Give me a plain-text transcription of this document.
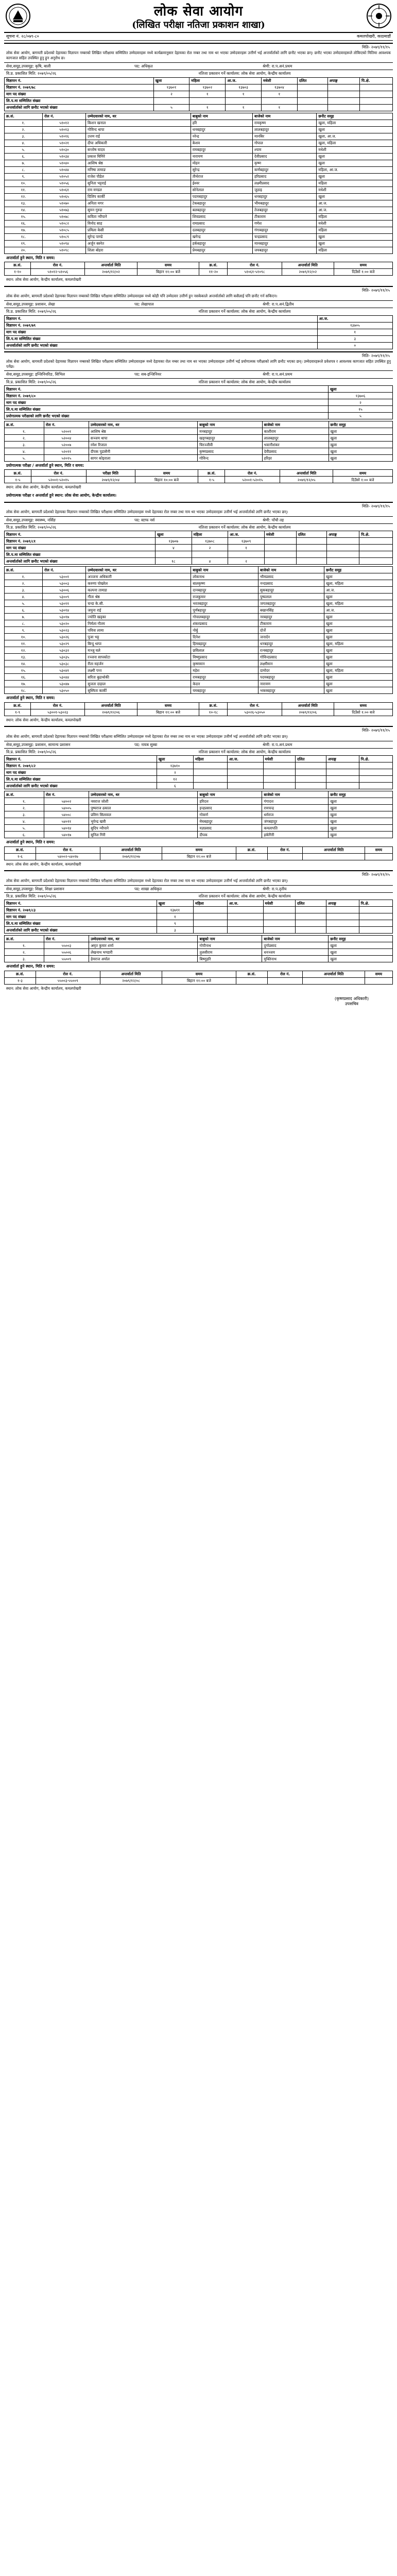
लोक सेवा आयोग
(लिखित परीक्षा नतिजा प्रकाशन शाखा)
सूचना नं. २८/०७९-८०	कमलपोखरी, काठमाडौं
मिति- २०७९/११/१५
लोक सेवा आयोग, बागमती प्रदेशको देहायका विज्ञापन नम्बरको लिखित परीक्षामा सम्मिलित उम्मेदवारहरू मध्ये कार्यक्रमानुसार देहायका रोल नम्बर तथा नाम थर भएका उम्मेदवारहरू उत्तीर्ण भई अन्तर्वार्ताको लागि छनौट भएका छन्। छनौट भएका उम्मेदवारहरूले तोकिएको मितिमा आवश्यक कागजात सहित उपस्थित हुनु हुन अनुरोध छ।
सेवा,समूह,उपसमूह: कृषि, बाली	पद: अधिकृत	श्रेणी: रा.प.अनं.प्रथम
वि.प्र. प्रकाशित मिति: २०७९/०५/२६	नतिजा प्रकाशन गर्ने कार्यालय: लोक सेवा आयोग, केन्द्रीय कार्यालय
विज्ञापन नं.	खुला	महिला	आ.ज.	मधेशी	दलित	अपाङ्ग	पि.क्षे.
विज्ञापन नं. २०७९/७८	१३७०१	१३७०२	१३७०३	१३७०४			
माग पद संख्या	२	१	१	१			
लि.प.मा सम्मिलित संख्या							
अन्तर्वार्ताको लागि छनौट भएको संख्या	५	१	१	१			
क्र.सं.	रोल नं.	उम्मेदवारको नाम, थर	बाबुको नाम	बाजेको नाम	छनौट समूह
१.	५१०१२	किशन खनाल	हरि	रामकृष्ण	खुला, महिला
२.	५१०१३	गोविन्द थापा	धनबहादुर	लालबहादुर	खुला
३.	५१०१६	उत्तम राई	नरेन्द्र	मानबिर	खुला, आ.ज.
४.	५१०२१	दीपा अधिकारी	केशव	गोपाल	खुला, महिला
५.	५१०३०	सन्तोष यादव	रामबहादुर	श्याम	मधेशी
६.	५१०३४	प्रकाश घिमिरे	नारायण	देवीप्रसाद	खुला
७.	५१०४०	आशिष श्रेष्ठ	मोहन	कृष्ण	खुला
८.	५१०४४	मनिषा तामाङ	सुरेन्द्र	कर्णबहादुर	महिला, आ.ज.
९.	५१०५२	राजेश पौडेल	तीर्थराज	हरिप्रसाद	खुला
१०.	५१०५६	सुनिता भट्टराई	ईश्वर	लक्ष्मीप्रसाद	महिला
११.	५१०६१	राम मण्डल	सोनेलाल	जुठाइ	मधेशी
१२.	५१०६५	दिलिप कार्की	पदमबहादुर	धनबहादुर	खुला
१३.	५१०७०	अनिता मगर	टेकबहादुर	भीमबहादुर	आ.ज.
१४.	५१०७३	सुमन गुरुङ	बलबहादुर	तेजबहादुर	आ.ज.
१५.	५१०७८	कविता न्यौपाने	शिवप्रसाद	टीकाराम	महिला
१६.	५१०८२	विनोद साह	रामप्रसाद	गणेश	मधेशी
१७.	५१०८५	प्रमिला केसी	दलबहादुर	गंगाबहादुर	महिला
१८.	५१०८९	सुरेन्द्र पाण्डे	खगेन्द्र	चन्द्रप्रसाद	खुला
१९.	५१०९४	अर्जुन बस्नेत	हर्कबहादुर	मानबहादुर	खुला
२०.	५१०९८	शिला बोहरा	प्रेमबहादुर	जयबहादुर	महिला
अन्तर्वार्ता हुने स्थान, मिति र समय:
क्र.सं.	रोल नं.	अन्तर्वार्ता मिति	समय	क्र.सं.	रोल नं.	अन्तर्वार्ता मिति	समय
१-१०	५१०१२-५१०५६	२०७९/१२/०२	बिहान ११:०० बजे	११-२०	५१०६१-५१०९८	२०७९/१२/०२	दिउँसो १:०० बजे
स्थान: लोक सेवा आयोग, केन्द्रीय कार्यालय, कमलपोखरी
मिति- २०७९/११/१५
लोक सेवा आयोग, बागमती प्रदेशको देहायका विज्ञापन नम्बरको लिखित परीक्षामा सम्मिलित उम्मेदवारहरू मध्ये कोही पनि उम्मेदवार उत्तीर्ण हुन नसकेकाले अन्तर्वार्ताको लागि कसैलाई पनि छनौट गर्न सकिएन।
सेवा,समूह,उपसमूह: प्रशासन, लेखा	पद: लेखापाल	श्रेणी: रा.प.अनं.द्वितीय
वि.प्र. प्रकाशित मिति: २०७९/०५/२६	नतिजा प्रकाशन गर्ने कार्यालय: लोक सेवा आयोग, केन्द्रीय कार्यालय
विज्ञापन नं.	आ.ज.
विज्ञापन नं. २०७९/७९	१३७०५
माग पद संख्या	१
लि.प.मा सम्मिलित संख्या	३
अन्तर्वार्ताको लागि छनौट भएको संख्या	०
मिति- २०७९/११/१५
लोक सेवा आयोग, बागमती प्रदेशको देहायका विज्ञापन नम्बरको लिखित परीक्षामा सम्मिलित उम्मेदवारहरू मध्ये देहायका रोल नम्बर तथा नाम थर भएका उम्मेदवारहरू उत्तीर्ण भई प्रयोगात्मक परीक्षाको लागि छनौट भएका छन्। उम्मेदवारहरूले प्रवेशपत्र र आवश्यक कागजात सहित उपस्थित हुनु पर्नेछ।
सेवा,समूह,उपसमूह: इन्जिनियरिङ, सिभिल	पद: सब-इन्जिनियर	श्रेणी: रा.प.अनं.प्रथम
वि.प्र. प्रकाशित मिति: २०७९/०५/२६	नतिजा प्रकाशन गर्ने कार्यालय: लोक सेवा आयोग, केन्द्रीय कार्यालय
विज्ञापन नं.	खुला
विज्ञापन नं. २०७९/८०	१३७०६
माग पद संख्या	२
लि.प.मा सम्मिलित संख्या	१५
प्रयोगात्मक परीक्षाको लागि छनौट भएको संख्या	५
क्र.सं.	रोल नं.	उम्मेदवारको नाम, थर	बाबुको नाम	बाजेको नाम	छनौट समूह
१.	५२००१	आशिष श्रेष्ठ	मनबहादुर	काशीराम	खुला
२.	५२००४	सञ्जय थापा	खड्गबहादुर	लालबहादुर	खुला
३.	५२००७	रमेश रिजाल	चिरञ्जीवी	भवानीशंकर	खुला
४.	५२०११	दीपक पुडासैनी	कृष्णप्रसाद	देवीप्रसाद	खुला
५.	५२०१५	सागर कोइराला	गोविन्द	हरिहर	खुला
प्रयोगात्मक परीक्षा / अन्तर्वार्ता हुने स्थान, मिति र समय:
क्र.सं.	रोल नं.	परीक्षा मिति	समय	क्र.सं.	रोल नं.	अन्तर्वार्ता मिति	समय
१-५	५२००१-५२०१५	२०७९/१२/०४	बिहान १०:०० बजे	१-५	५२००१-५२०१५	२०७९/१२/०५	दिउँसो १:०० बजे
स्थान: लोक सेवा आयोग, केन्द्रीय कार्यालय, कमलपोखरी
प्रयोगात्मक परीक्षा र अन्तर्वार्ता हुने स्थान: लोक सेवा आयोग, केन्द्रीय कार्यालय।
मिति- २०७९/११/१५
लोक सेवा आयोग, बागमती प्रदेशको देहायका विज्ञापन नम्बरको लिखित परीक्षामा सम्मिलित उम्मेदवारहरू मध्ये देहायका रोल नम्बर तथा नाम थर भएका उम्मेदवारहरू उत्तीर्ण भई अन्तर्वार्ताको लागि छनौट भएका छन्।
सेवा,समूह,उपसमूह: स्वास्थ्य, नर्सिङ	पद: स्टाफ नर्स	श्रेणी: पाँचौ तह
वि.प्र. प्रकाशित मिति: २०७९/०५/२६	नतिजा प्रकाशन गर्ने कार्यालय: लोक सेवा आयोग, केन्द्रीय कार्यालय
विज्ञापन नं.	खुला	महिला	आ.ज.	मधेशी	दलित	अपाङ्ग	पि.क्षे.
विज्ञापन नं. २०७९/८१	१३७०७	१३७०८	१३७०९				
माग पद संख्या	४	२	१				
लि.प.मा सम्मिलित संख्या							
अन्तर्वार्ताको लागि छनौट भएको संख्या	१८	४	२				
क्र.सं.	रोल नं.	उम्मेदवारको नाम, थर	बाबुको नाम	बाजेको नाम	छनौट समूह
१.	५३००१	अञ्जना अधिकारी	लोकनाथ	भीमप्रसाद	खुला
२.	५३००३	करुणा पोखरेल	बालकृष्ण	नन्दप्रसाद	खुला, महिला
३.	५३००६	कल्पना तामाङ	दानबहादुर	सुकबहादुर	आ.ज.
४.	५३००९	गीता श्रेष्ठ	राजकुमार	पुष्पलाल	खुला
५.	५३०११	चन्दा के.सी.	भरतबहादुर	जगतबहादुर	खुला, महिला
६.	५३०१४	जमुना राई	पूर्णबहादुर	बखानसिंह	आ.ज.
७.	५३०१७	ज्योति खड्का	गोपालबहादुर	नरबहादुर	खुला
८.	५३०२०	निर्मला गौतम	शंकरप्रसाद	टीकाराम	खुला
९.	५३०२३	पवित्रा लामा	नोर्बु	दोर्जे	खुला
१०.	५३०२६	पूजा भट्ट	दिनेश	जनार्दन	खुला
११.	५३०२९	बिन्दु थापा	हिमबहादुर	धनबहादुर	खुला, महिला
१२.	५३०३२	मञ्जु घले	छविलाल	रत्नबहादुर	खुला
१३.	५३०३५	रञ्जना सापकोटा	विष्णुप्रसाद	गोविन्दप्रसाद	खुला
१४.	५३०३८	रीता महर्जन	कृष्णमान	लक्ष्मीमान	खुला
१५.	५३०४१	लक्ष्मी पन्त	महेश	दामोदर	खुला, महिला
१६.	५३०४४	सरिता बुढाथोकी	रामबहादुर	पदमबहादुर	खुला
१७.	५३०४७	सुजता दाहाल	केदार	नारायण	खुला
१८.	५३०५०	सुस्मिता कार्की	यमबहादुर	भक्तबहादुर	खुला
अन्तर्वार्ता हुने स्थान, मिति र समय:
क्र.सं.	रोल नं.	अन्तर्वार्ता मिति	समय	क्र.सं.	रोल नं.	अन्तर्वार्ता मिति	समय
१-९	५३००१-५३०२३	२०७९/१२/०६	बिहान ११:०० बजे	१०-१८	५३०२६-५३०५०	२०७९/१२/०६	दिउँसो १:०० बजे
स्थान: लोक सेवा आयोग, केन्द्रीय कार्यालय, कमलपोखरी
मिति- २०७९/११/१५
लोक सेवा आयोग, बागमती प्रदेशको देहायका विज्ञापन नम्बरको लिखित परीक्षामा सम्मिलित उम्मेदवारहरू मध्ये देहायका रोल नम्बर तथा नाम थर भएका उम्मेदवारहरू उत्तीर्ण भई अन्तर्वार्ताको लागि छनौट भएका छन्।
सेवा,समूह,उपसमूह: प्रशासन, सामान्य प्रशासन	पद: नायब सुब्बा	श्रेणी: रा.प.अनं.प्रथम
वि.प्र. प्रकाशित मिति: २०७९/०५/२६	नतिजा प्रकाशन गर्ने कार्यालय: लोक सेवा आयोग, केन्द्रीय कार्यालय
विज्ञापन नं.	खुला	महिला	आ.ज.	मधेशी	दलित	अपाङ्ग	पि.क्षे.
विज्ञापन नं. २०७९/८२	१३७१०						
माग पद संख्या	२						
लि.प.मा सम्मिलित संख्या	१२						
अन्तर्वार्ताको लागि छनौट भएको संख्या	६						
क्र.सं.	रोल नं.	उम्मेदवारको नाम, थर	बाबुको नाम	बाजेको नाम	छनौट समूह
१.	५४००२	नवराज जोशी	हरिदत्त	गंगादत्त	खुला
२.	५४००५	पुष्पराज ढकाल	इन्द्रप्रसाद	रामचन्द्र	खुला
३.	५४००८	प्रविण सिलवाल	गोकर्ण	धर्मराज	खुला
४.	५४०११	भुपेन्द्र खत्री	मेघबहादुर	जंगबहादुर	खुला
५.	५४०१४	सुदिप न्यौपाने	यज्ञप्रसाद	कमलापति	खुला
६.	५४०१७	सुनिल गिरी	दीपक	हर्कगिरी	खुला
अन्तर्वार्ता हुने स्थान, मिति र समय:
क्र.सं.	रोल नं.	अन्तर्वार्ता मिति	समय	क्र.सं.	रोल नं.	अन्तर्वार्ता मिति	समय
१-६	५४००२-५४०१७	२०७९/१२/०७	बिहान ११:०० बजे				
स्थान: लोक सेवा आयोग, केन्द्रीय कार्यालय, कमलपोखरी
मिति- २०७९/११/१५
लोक सेवा आयोग, बागमती प्रदेशको देहायका विज्ञापन नम्बरको लिखित परीक्षामा सम्मिलित उम्मेदवारहरू मध्ये देहायका रोल नम्बर तथा नाम थर भएका उम्मेदवारहरू उत्तीर्ण भई अन्तर्वार्ताको लागि छनौट भएका छन्।
सेवा,समूह,उपसमूह: शिक्षा, शिक्षा प्रशासन	पद: शाखा अधिकृत	श्रेणी: रा.प.तृतीय
वि.प्र. प्रकाशित मिति: २०७९/०५/२६	नतिजा प्रकाशन गर्ने कार्यालय: लोक सेवा आयोग, केन्द्रीय कार्यालय
विज्ञापन नं.	खुला	महिला	आ.ज.	मधेशी	दलित	अपाङ्ग	पि.क्षे.
विज्ञापन नं. २०७९/८३	१३७११						
माग पद संख्या	१						
लि.प.मा सम्मिलित संख्या	९						
अन्तर्वार्ताको लागि छनौट भएको संख्या	३						
क्र.सं.	रोल नं.	उम्मेदवारको नाम, थर	बाबुको नाम	बाजेको नाम	छनौट समूह
१.	५५००३	अमृत कुमार शर्मा	गोपीनाथ	दुर्गाप्रसाद	खुला
२.	५५००६	लेखनाथ भण्डारी	तुलसीराम	धनञ्जय	खुला
३.	५५००९	हेमराज अर्याल	बिष्णुहरि	मुक्तिनाथ	खुला
अन्तर्वार्ता हुने स्थान, मिति र समय:
क्र.सं.	रोल नं.	अन्तर्वार्ता मिति	समय	क्र.सं.	रोल नं.	अन्तर्वार्ता मिति	समय
१-३	५५००३-५५००९	२०७९/१२/०८	बिहान ११:०० बजे				
स्थान: लोक सेवा आयोग, केन्द्रीय कार्यालय, कमलपोखरी
(कृष्णप्रसाद अधिकारी)
उपसचिव
